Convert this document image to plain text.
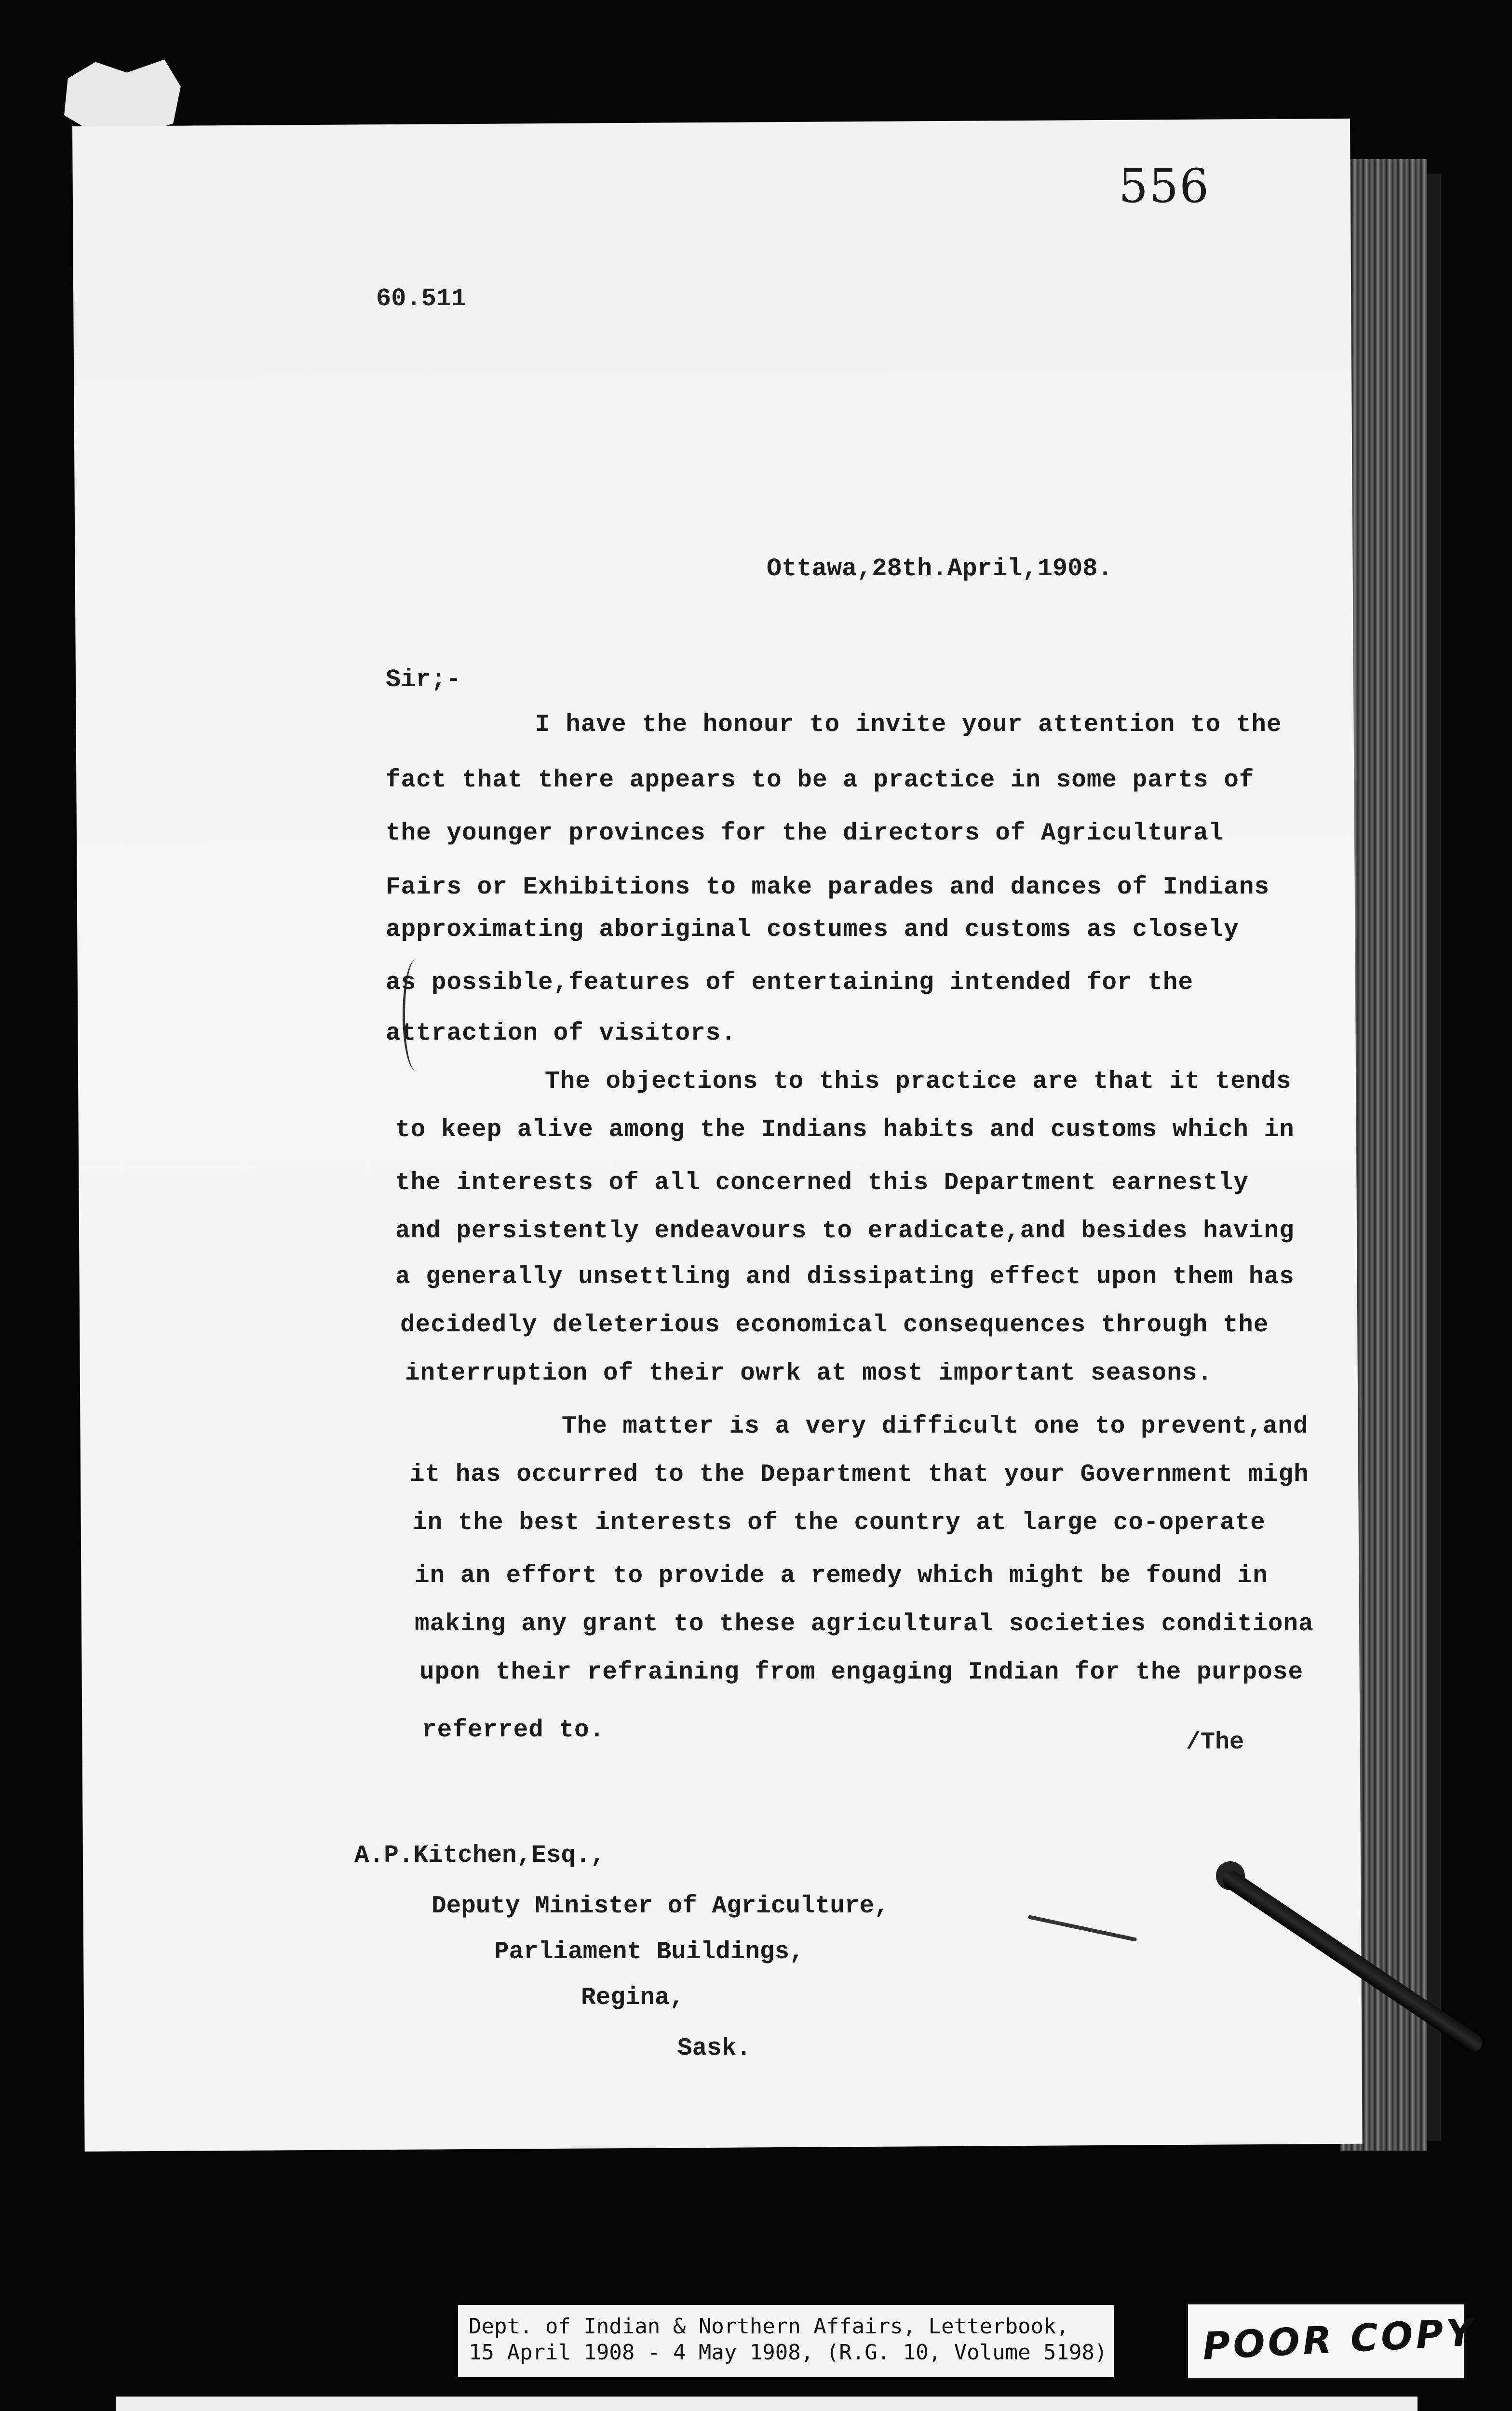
556
60.511
Ottawa,28th.April,1908.
Sir;-
I have the honour to invite your attention to the
fact that there appears to be a practice in some parts of
the younger provinces for the directors of Agricultural
Fairs or Exhibitions to make parades and dances of Indians
approximating aboriginal costumes and customs as closely
as possible,features of entertaining intended for the
attraction of visitors.
The objections to this practice are that it tends
to keep alive among the Indians habits and customs which in
the interests of all concerned this Department earnestly
and persistently endeavours to eradicate,and besides having
a generally unsettling and dissipating effect upon them has
decidedly deleterious economical consequences through the
interruption of their owrk at most important seasons.
The matter is a very difficult one to prevent,and
it has occurred to the Department that your Government migh
in the best interests of the country at large co-operate
in an effort to provide a remedy which might be found in
making any grant to these agricultural societies conditiona
upon their refraining from engaging Indian for the purpose
referred to.	/The
A.P.Kitchen,Esq.,
Deputy Minister of Agriculture,
Parliament Buildings,
Regina,
Sask.
Dept. of Indian & Northern Affairs, Letterbook,
15 April 1908 - 4 May 1908, (R.G. 10, Volume 5198)	POOR COPY
